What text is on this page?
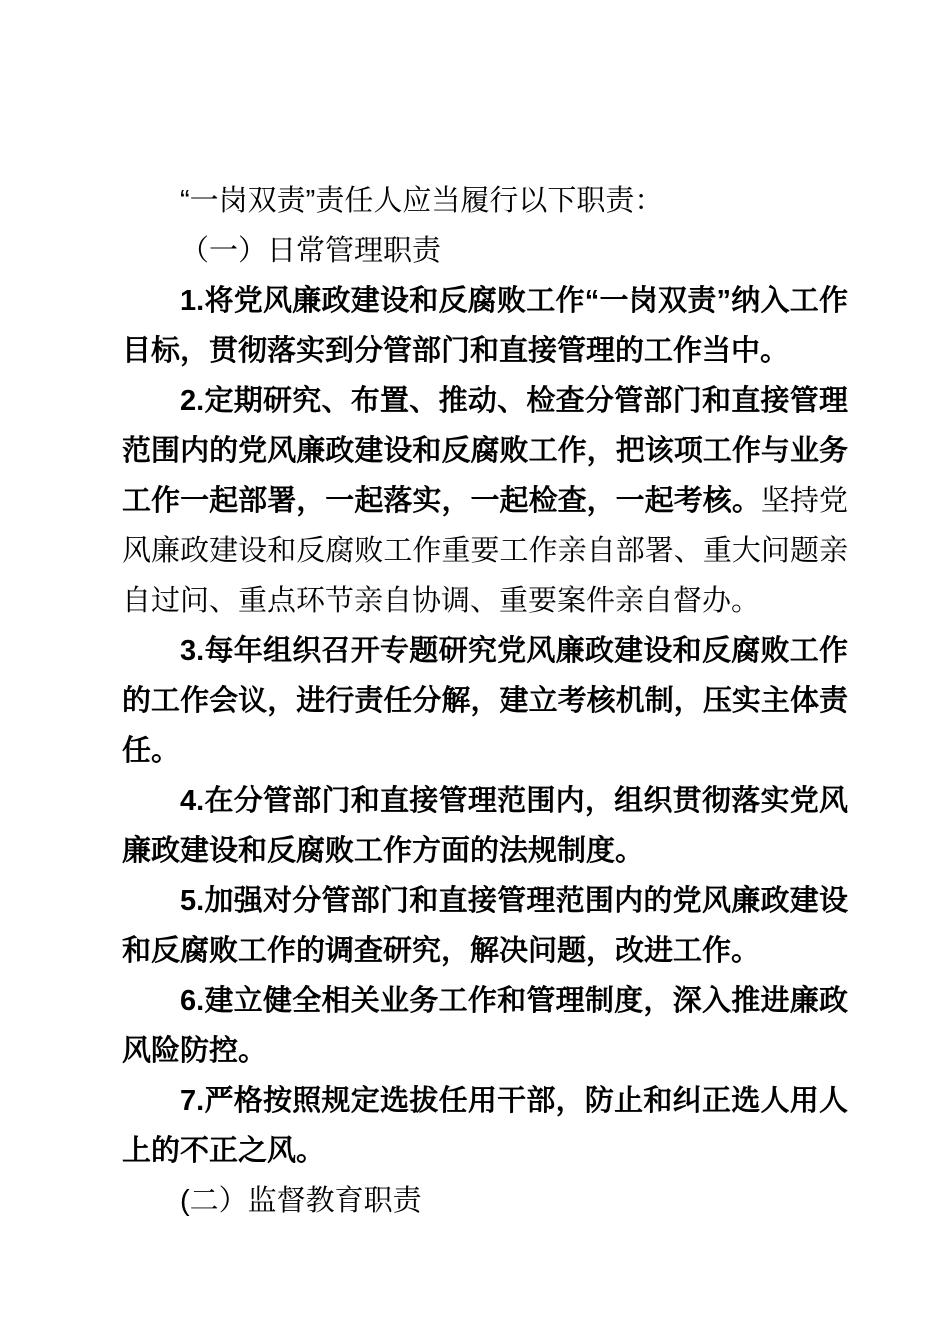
“一岗双责”责任人应当履行以下职责：

（一）日常管理职责

1.将党风廉政建设和反腐败工作“一岗双责”纳入工作目标，贯彻落实到分管部门和直接管理的工作当中。

2.定期研究、布置、推动、检查分管部门和直接管理范围内的党风廉政建设和反腐败工作，把该项工作与业务工作一起部署，一起落实，一起检查，一起考核。坚持党风廉政建设和反腐败工作重要工作亲自部署、重大问题亲自过问、重点环节亲自协调、重要案件亲自督办。

3.每年组织召开专题研究党风廉政建设和反腐败工作的工作会议，进行责任分解，建立考核机制，压实主体责任。

4.在分管部门和直接管理范围内，组织贯彻落实党风廉政建设和反腐败工作方面的法规制度。

5.加强对分管部门和直接管理范围内的党风廉政建设和反腐败工作的调查研究，解决问题，改进工作。

6.建立健全相关业务工作和管理制度，深入推进廉政风险防控。

7.严格按照规定选拔任用干部，防止和纠正选人用人上的不正之风。

(二）监督教育职责
